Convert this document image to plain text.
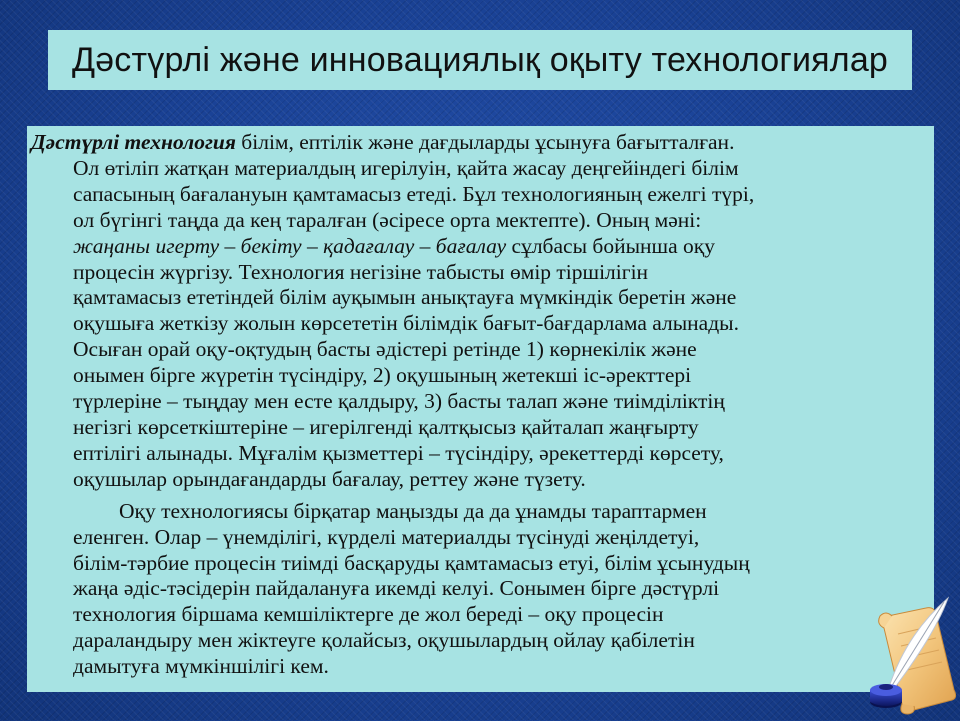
Дәстүрлі және инновациялық оқыту технологиялар
Дәстүрлі технология білім, eптілік және дағдыларды ұсынуға бағытталған.
Ол өтіліп жатқан материалдың игерілуін, қайта жасау деңгейіндегі білім
сапасының бағалануын қамтамасыз етеді. Бұл технологияның ежелгі түрі,
ол бүгінгі таңда да кең таралған (әсіресе орта мектепте). Оның мәні:
жаңаны игерту – бекіту – қадағалау – бағалау сұлбасы бойынша оқу
процесін жүргізу. Технология негізіне табысты өмір тіршілігін
қамтамасыз ететіндей білім ауқымын анықтауға мүмкіндік беретін және
оқушыға жеткізу жолын көрсететін білімдік бағыт-бағдарлама алынады.
Осыған орай оқу-оқтудың басты әдістері ретінде 1) көрнекілік және
онымен бірге жүретін түсіндіру, 2) оқушының жетекші іс-әректтері
түрлеріне – тыңдау мен есте қалдыру, 3) басты талап және тиімділіктің
негізгі көрсеткіштеріне – игерілгенді қалтқысыз қайталап жаңғырту
eптілігі алынады. Мұғалім қызметтері – түсіндіру, әрекеттерді көрсету,
оқушылар орындағандарды бағалау, реттеу және түзету.
Оқу технологиясы бірқатар маңызды да да ұнамды тараптармен
еленген. Олар – үнемділігі, күрделі материалды түсінуді жеңілдетуі,
білім-тәрбие процесін тиімді басқаруды қамтамасыз етуі, білім ұсынудың
жаңа әдіс-тәсідерін пайдалануға икемді келуі. Сонымен бірге дәстүрлі
технология біршама кемшіліктерге де жол береді – оқу процесін
дараландыру мен жіктеуге қолайсыз, оқушылардың ойлау қабілетін
дамытуға мүмкіншілігі кем.
